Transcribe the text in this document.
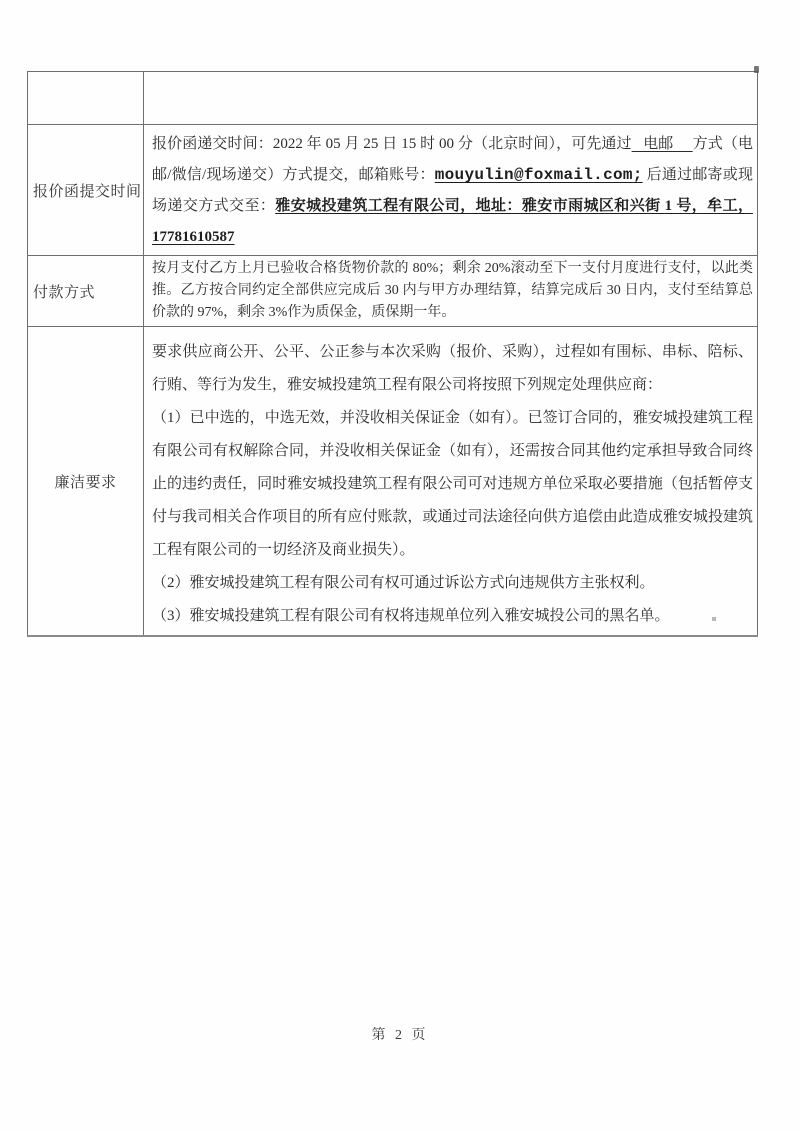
报价函提交时间	报价函递交时间：2022 年 05 月 25 日 15 时 00 分（北京时间），可先通过   电邮     方式（电邮/微信/现场递交）方式提交，邮箱账号：mouyulin@foxmail.com; 后通过邮寄或现场递交方式交至：雅安城投建筑工程有限公司，地址：雅安市雨城区和兴街 1 号，牟工，17781610587

付款方式	按月支付乙方上月已验收合格货物价款的 80%；剩余 20%滚动至下一支付月度进行支付，以此类推。乙方按合同约定全部供应完成后 30 内与甲方办理结算，结算完成后 30 日内，支付至结算总价款的 97%，剩余 3%作为质保金，质保期一年。

廉洁要求	要求供应商公开、公平、公正参与本次采购（报价、采购），过程如有围标、串标、陪标、行贿、等行为发生，雅安城投建筑工程有限公司将按照下列规定处理供应商：

（1）已中选的，中选无效，并没收相关保证金（如有）。已签订合同的，雅安城投建筑工程有限公司有权解除合同，并没收相关保证金（如有），还需按合同其他约定承担导致合同终止的违约责任，同时雅安城投建筑工程有限公司可对违规方单位采取必要措施（包括暂停支付与我司相关合作项目的所有应付账款，或通过司法途径向供方追偿由此造成雅安城投建筑工程有限公司的一切经济及商业损失）。

（2）雅安城投建筑工程有限公司有权可通过诉讼方式向违规供方主张权利。

（3）雅安城投建筑工程有限公司有权将违规单位列入雅安城投公司的黑名单。

第 2 页
